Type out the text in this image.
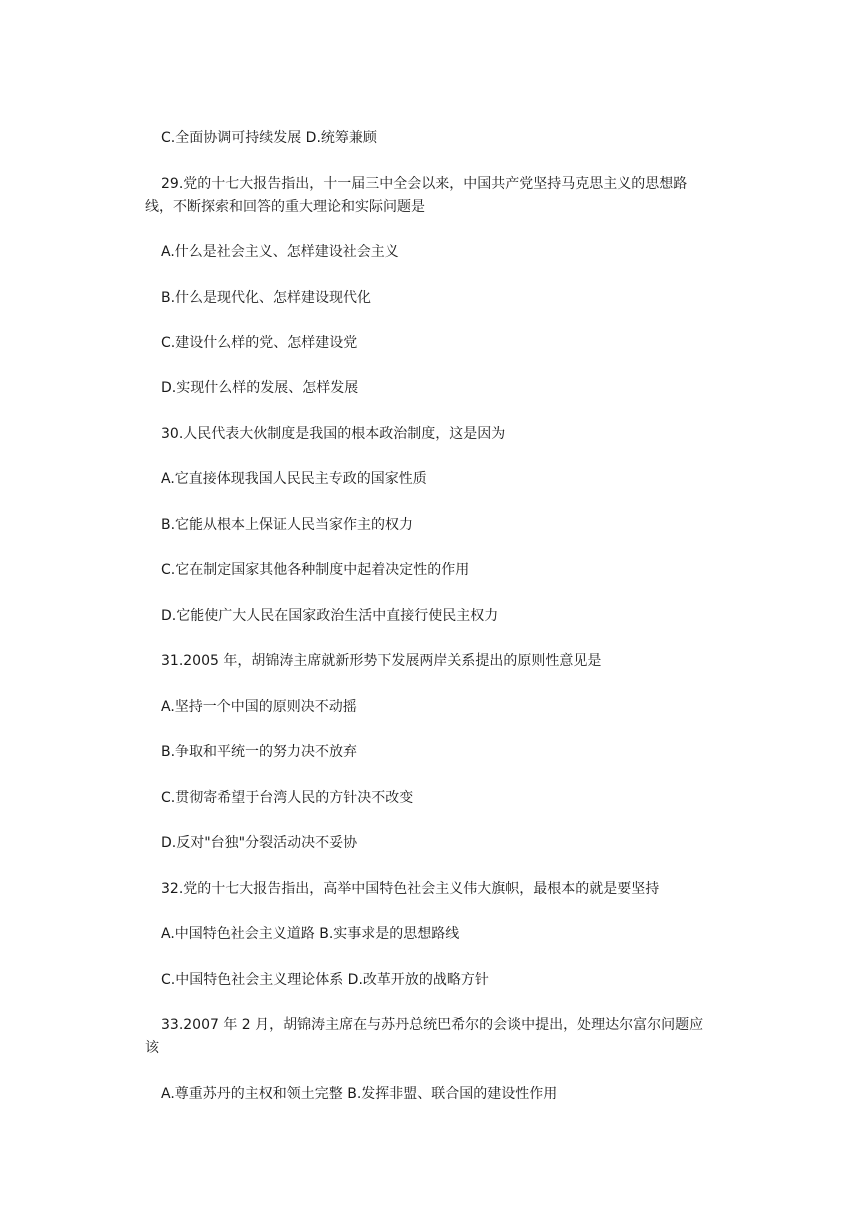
C.全面协调可持续发展 D.统筹兼顾
29.党的十七大报告指出，十一届三中全会以来，中国共产党坚持马克思主义的思想路
线，不断探索和回答的重大理论和实际问题是
A.什么是社会主义、怎样建设社会主义
B.什么是现代化、怎样建设现代化
C.建设什么样的党、怎样建设党
D.实现什么样的发展、怎样发展
30.人民代表大伙制度是我国的根本政治制度，这是因为
A.它直接体现我国人民民主专政的国家性质
B.它能从根本上保证人民当家作主的权力
C.它在制定国家其他各种制度中起着决定性的作用
D.它能使广大人民在国家政治生活中直接行使民主权力
31.2005 年，胡锦涛主席就新形势下发展两岸关系提出的原则性意见是
A.坚持一个中国的原则决不动摇
B.争取和平统一的努力决不放弃
C.贯彻寄希望于台湾人民的方针决不改变
D.反对"台独"分裂活动决不妥协
32.党的十七大报告指出，高举中国特色社会主义伟大旗帜，最根本的就是要坚持
A.中国特色社会主义道路 B.实事求是的思想路线
C.中国特色社会主义理论体系 D.改革开放的战略方针
33.2007 年 2 月，胡锦涛主席在与苏丹总统巴希尔的会谈中提出，处理达尔富尔问题应
该
A.尊重苏丹的主权和领土完整 B.发挥非盟、联合国的建设性作用
